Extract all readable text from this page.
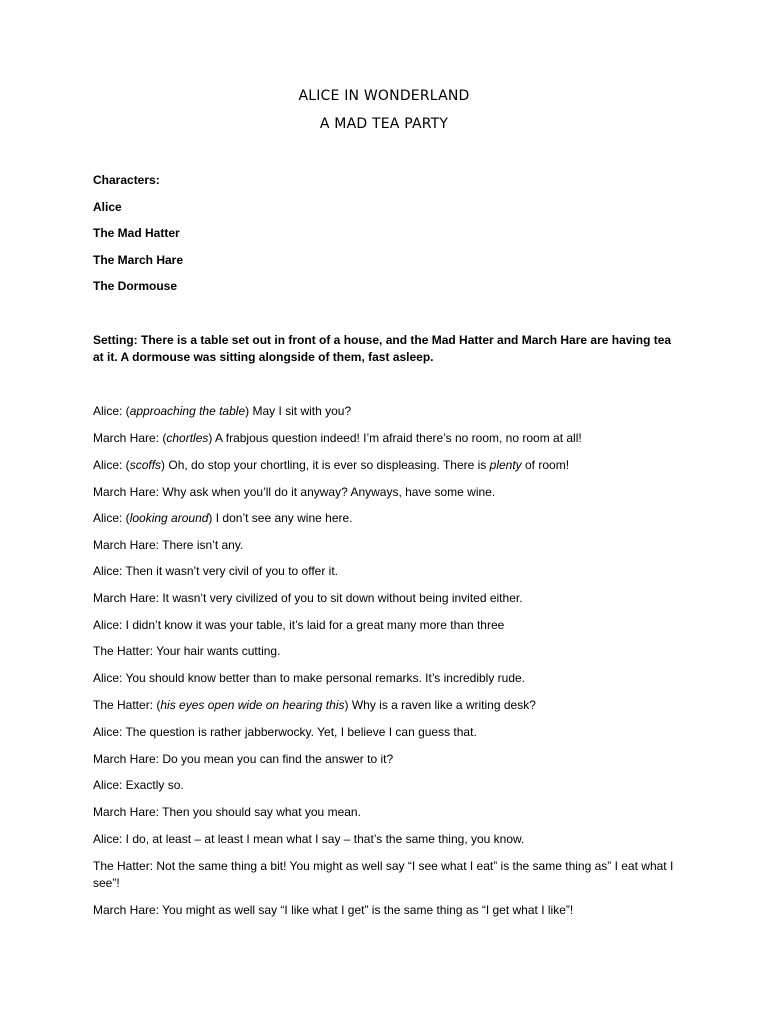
ALICE IN WONDERLAND
A MAD TEA PARTY
Characters:
Alice
The Mad Hatter
The March Hare
The Dormouse
Setting: There is a table set out in front of a house, and the Mad Hatter and March Hare are having tea at it. A dormouse was sitting alongside of them, fast asleep.
Alice: (approaching the table) May I sit with you?
March Hare: (chortles) A frabjous question indeed! I’m afraid there’s no room, no room at all!
Alice: (scoffs) Oh, do stop your chortling, it is ever so displeasing. There is plenty of room!
March Hare: Why ask when you’ll do it anyway? Anyways, have some wine.
Alice: (looking around) I don’t see any wine here.
March Hare: There isn’t any.
Alice: Then it wasn’t very civil of you to offer it.
March Hare: It wasn’t very civilized of you to sit down without being invited either.
Alice: I didn’t know it was your table, it’s laid for a great many more than three
The Hatter: Your hair wants cutting.
Alice: You should know better than to make personal remarks. It’s incredibly rude.
The Hatter: (his eyes open wide on hearing this) Why is a raven like a writing desk?
Alice: The question is rather jabberwocky. Yet, I believe I can guess that.
March Hare: Do you mean you can find the answer to it?
Alice: Exactly so.
March Hare: Then you should say what you mean.
Alice: I do, at least – at least I mean what I say – that’s the same thing, you know.
The Hatter: Not the same thing a bit! You might as well say “I see what I eat” is the same thing as” I eat what I see”!
March Hare: You might as well say “I like what I get” is the same thing as “I get what I like”!
